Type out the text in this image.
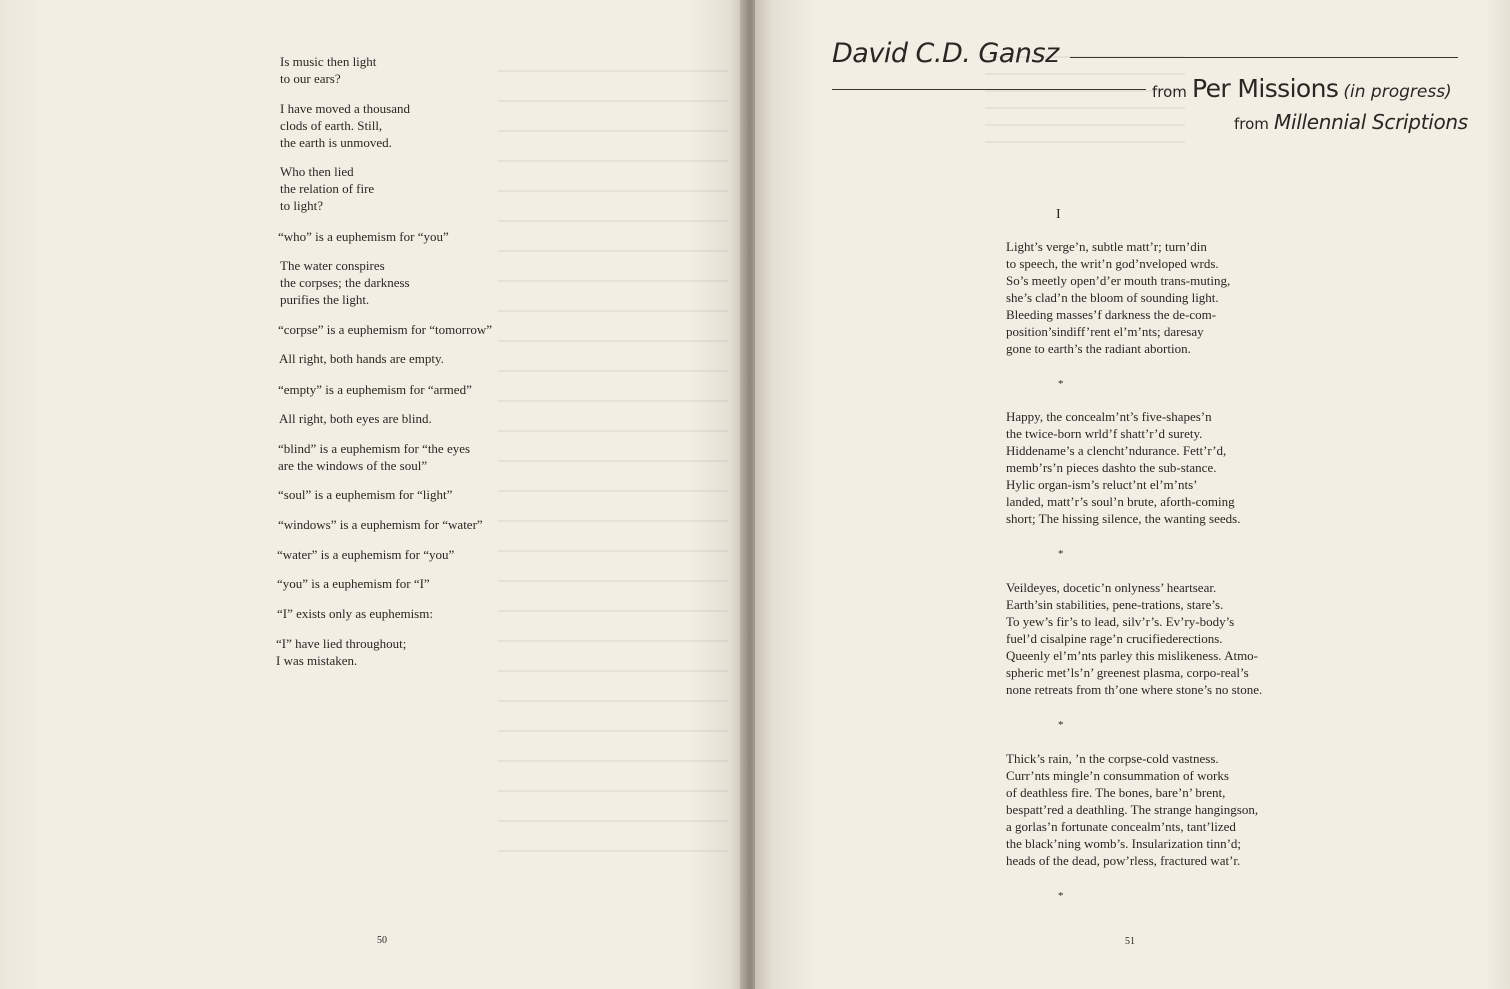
Is music then light
to our ears?

I have moved a thousand
clods of earth. Still,
the earth is unmoved.

Who then lied
the relation of fire
to light?

“who” is a euphemism for “you”

The water conspires
the corpses; the darkness
purifies the light.

“corpse” is a euphemism for “tomorrow”

All right, both hands are empty.

“empty” is a euphemism for “armed”

All right, both eyes are blind.

“blind” is a euphemism for “the eyes
are the windows of the soul”

“soul” is a euphemism for “light”

“windows” is a euphemism for “water”

“water” is a euphemism for “you”

“you” is a euphemism for “I”

“I” exists only as euphemism:

“I” have lied throughout;
I was mistaken.

50
David C.D. Gansz
from Per Missions (in progress)
from Millennial Scriptions
I

Light’s verge’n, subtle matt’r; turn’din
to speech, the writ’n god’nveloped wrds.
So’s meetly open’d’er mouth trans-muting,
she’s clad’n the bloom of sounding light.
Bleeding masses’f darkness the de-com-
position’sindiff’rent el’m’nts; daresay
gone to earth’s the radiant abortion.

*

Happy, the concealm’nt’s five-shapes’n
the twice-born wrld’f shatt’r’d surety.
Hiddename’s a clencht’ndurance. Fett’r’d,
memb’rs’n pieces dashto the sub-stance.
Hylic organ-ism’s reluct’nt el’m’nts’
landed, matt’r’s soul’n brute, aforth-coming
short; The hissing silence, the wanting seeds.

*

Veildeyes, docetic’n onlyness’ heartsear.
Earth’sin stabilities, pene-trations, stare’s.
To yew’s fir’s to lead, silv’r’s. Ev’ry-body’s
fuel’d cisalpine rage’n crucifiederections.
Queenly el’m’nts parley this mislikeness. Atmo-
spheric met’ls’n’ greenest plasma, corpo-real’s
none retreats from th’one where stone’s no stone.

*

Thick’s rain, ’n the corpse-cold vastness.
Curr’nts mingle’n consummation of works
of deathless fire. The bones, bare’n’ brent,
bespatt’red a deathling. The strange hangingson,
a gorlas’n fortunate concealm’nts, tant’lized
the black’ning womb’s. Insularization tinn’d;
heads of the dead, pow’rless, fractured wat’r.

*
51
